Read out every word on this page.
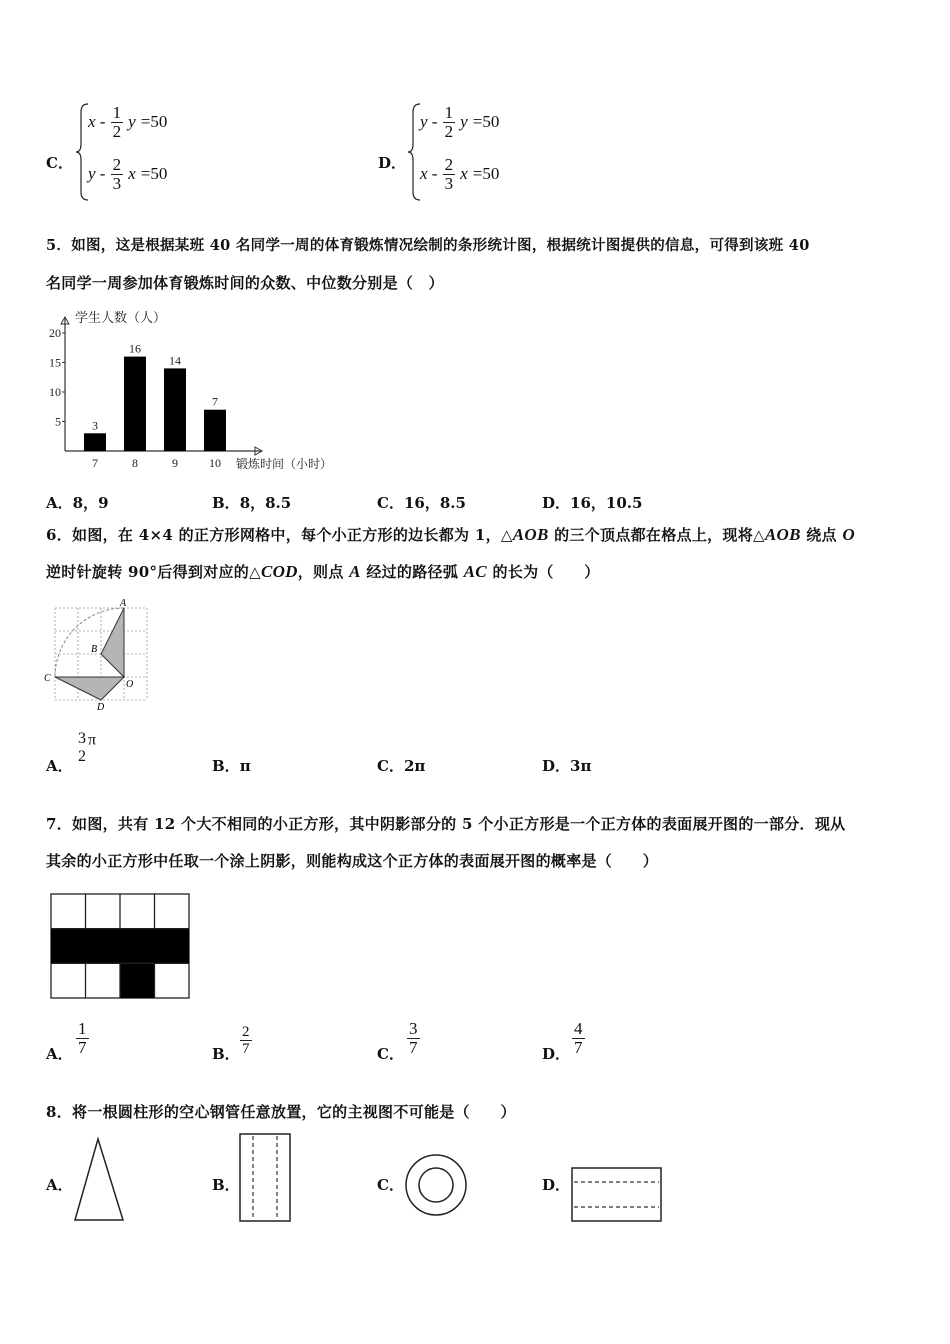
C．
x - $\frac{1}{2}$ y =50
y - $\frac{2}{3}$ x =50
D．
y - $\frac{1}{2}$ y =50
x - $\frac{2}{3}$ x =50
5．如图，这是根据某班 40 名同学一周的体育锻炼情况绘制的条形统计图，根据统计图提供的信息，可得到该班 40
名同学一周参加体育锻炼时间的众数、中位数分别是（　）
学生人数（人）
锻炼时间（小时）
5
10
15
20
3
7
16
8
14
9
7
10
A．8，9	B．8，8.5	C．16，8.5	D．16，10.5
6．如图，在 4×4 的正方形网格中，每个小正方形的边长都为 1，△AOB 的三个顶点都在格点上，现将△AOB 绕点 O
逆时针旋转 90°后得到对应的△COD，则点 A 经过的路径弧 AC 的长为（　　）
A
B
C
D
O
A．
3
2
π
B．π	C．2π	D．3π
7．如图，共有 12 个大不相同的小正方形，其中阴影部分的 5 个小正方形是一个正方体的表面展开图的一部分．现从
其余的小正方形中任取一个涂上阴影，则能构成这个正方体的表面展开图的概率是（　　）
A． $\frac{1}{7}$	B． $\frac{2}{7}$	C． $\frac{3}{7}$	D． $\frac{4}{7}$
8．将一根圆柱形的空心钢管任意放置，它的主视图不可能是（　　）
A．	B．	C．	D．
